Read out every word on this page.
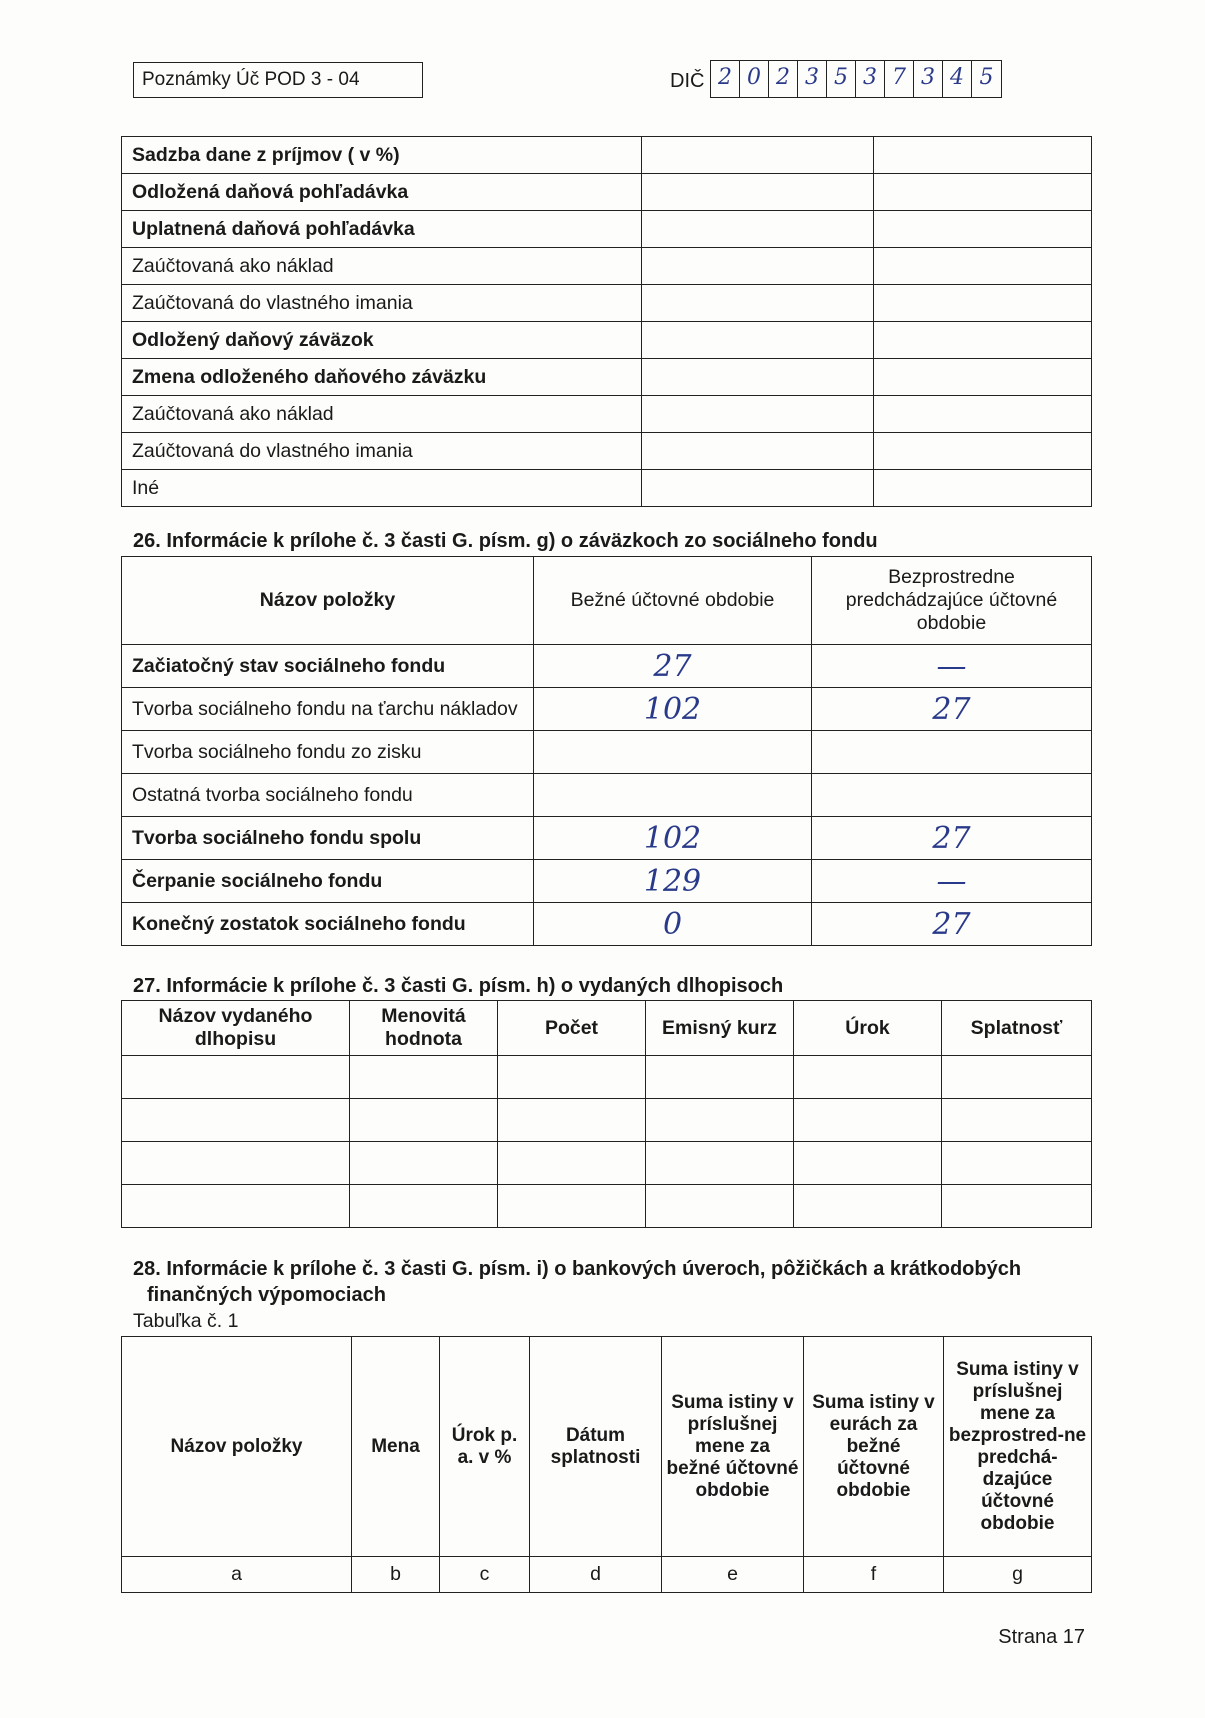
Poznámky Úč POD 3 - 04	DIČ 2 0 2 3 5 3 7 3 4 5
Sadzba dane z príjmov ( v %)		
Odložená daňová pohľadávka		
Uplatnená daňová pohľadávka		
Zaúčtovaná ako náklad		
Zaúčtovaná do vlastného imania		
Odložený daňový záväzok		
Zmena odloženého daňového záväzku		
Zaúčtovaná ako náklad		
Zaúčtovaná do vlastného imania		
Iné		
26. Informácie k prílohe č. 3 časti G. písm. g) o záväzkoch zo sociálneho fondu
Názov položky	Bežné účtovné obdobie	Bezprostredne predchádzajúce účtovné obdobie
Začiatočný stav sociálneho fondu	27	—
Tvorba sociálneho fondu na ťarchu nákladov	102	27
Tvorba sociálneho fondu zo zisku		
Ostatná tvorba sociálneho fondu		
Tvorba sociálneho fondu spolu	102	27
Čerpanie sociálneho fondu	129	—
Konečný zostatok sociálneho fondu	0	27
27. Informácie k prílohe č. 3 časti G. písm. h) o vydaných dlhopisoch
Názov vydaného dlhopisu	Menovitá hodnota	Počet	Emisný kurz	Úrok	Splatnosť

28. Informácie k prílohe č. 3 časti G. písm. i) o bankových úveroch, pôžičkách a krátkodobých
finančných výpomociach
Tabuľka č. 1
Názov položky	Mena	Úrok p. a. v %	Dátum splatnosti	Suma istiny v príslušnej mene za bežné účtovné obdobie	Suma istiny v eurách za bežné účtovné obdobie	Suma istiny v príslušnej mene za bezprostred-ne predchá-dzajúce účtovné obdobie
a	b	c	d	e	f	g
Strana 17
